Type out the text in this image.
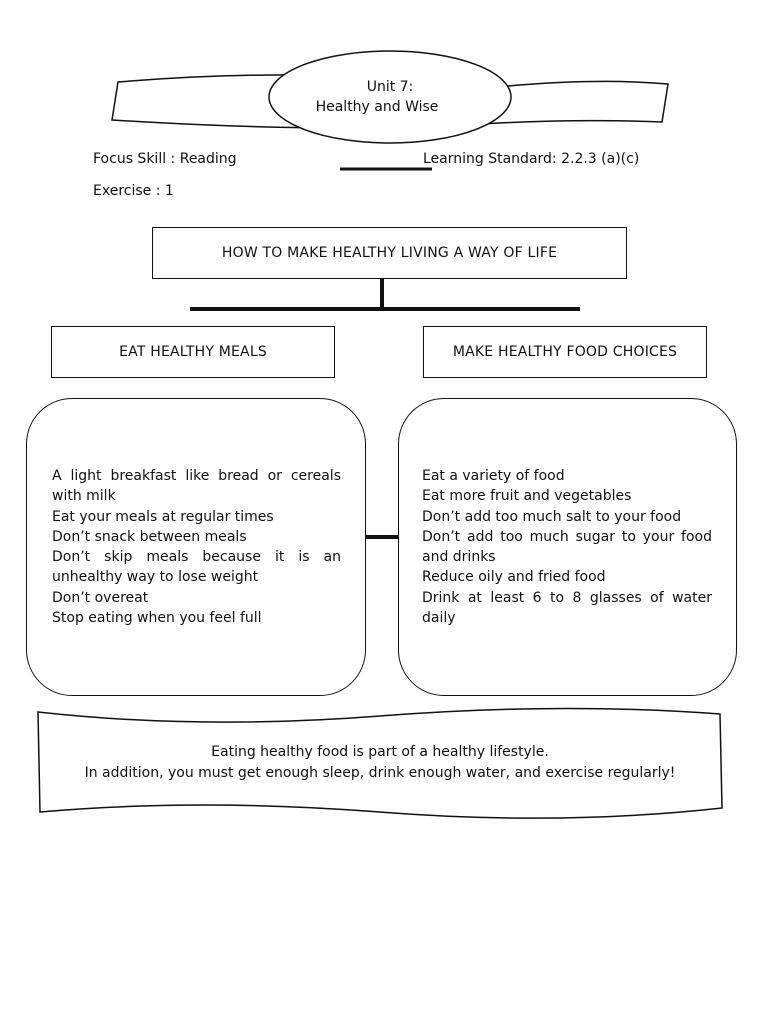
Unit 7:
Healthy and Wise
Focus Skill : Reading	Learning Standard: 2.2.3 (a)(c)
Exercise : 1
HOW TO MAKE HEALTHY LIVING A WAY OF LIFE
EAT HEALTHY MEALS	MAKE HEALTHY FOOD CHOICES
A light breakfast like bread or cereals with milk
Eat your meals at regular times
Don’t snack between meals
Don’t skip meals because it is an unhealthy way to lose weight
Don’t overeat
Stop eating when you feel full
Eat a variety of food
Eat more fruit and vegetables
Don’t add too much salt to your food
Don’t add too much sugar to your food and drinks
Reduce oily and fried food
Drink at least 6 to 8 glasses of water daily
Eating healthy food is part of a healthy lifestyle.
In addition, you must get enough sleep, drink enough water, and exercise regularly!
